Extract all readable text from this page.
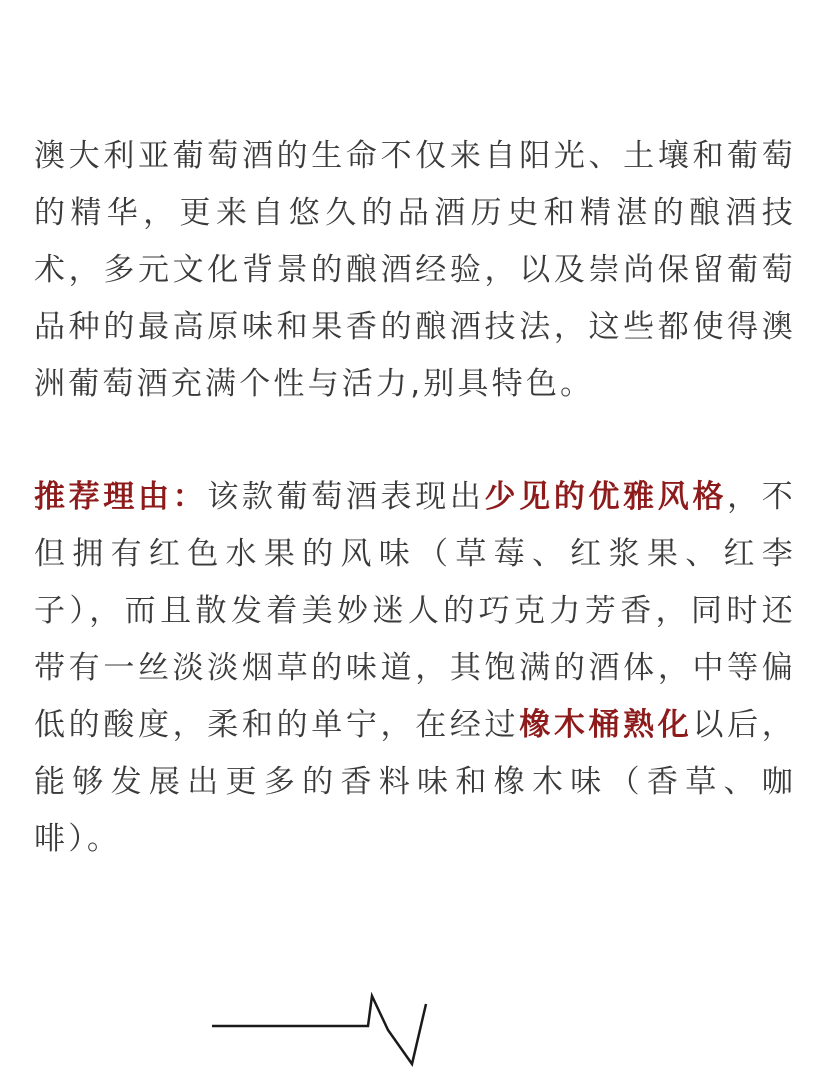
澳大利亚葡萄酒的生命不仅来自阳光、土壤和葡萄的精华，更来自悠久的品酒历史和精湛的酿酒技术，多元文化背景的酿酒经验，以及崇尚保留葡萄品种的最高原味和果香的酿酒技法，这些都使得澳洲葡萄酒充满个性与活力,别具特色。

推荐理由：该款葡萄酒表现出少见的优雅风格，不但拥有红色水果的风味（草莓、红浆果、红李子），而且散发着美妙迷人的巧克力芳香，同时还带有一丝淡淡烟草的味道，其饱满的酒体，中等偏低的酸度，柔和的单宁，在经过橡木桶熟化以后，能够发展出更多的香料味和橡木味（香草、咖啡）。
